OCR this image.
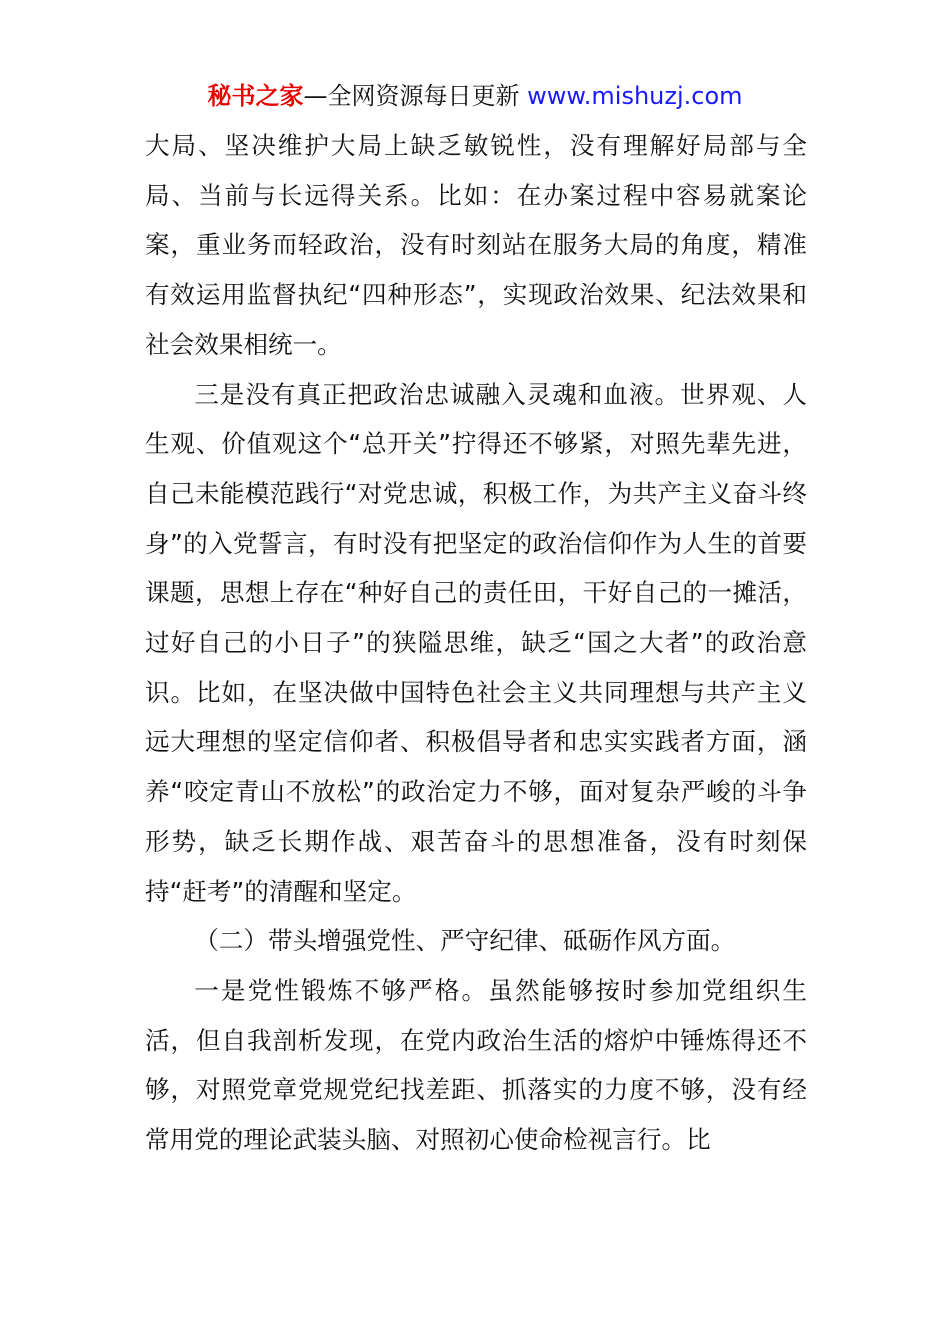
秘书之家—全网资源每日更新 www.mishuzj.com

大局、坚决维护大局上缺乏敏锐性，没有理解好局部与全局、当前与长远得关系。比如：在办案过程中容易就案论案，重业务而轻政治，没有时刻站在服务大局的角度，精准有效运用监督执纪“四种形态”，实现政治效果、纪法效果和社会效果相统一。

三是没有真正把政治忠诚融入灵魂和血液。世界观、人生观、价值观这个“总开关”拧得还不够紧，对照先辈先进，自己未能模范践行“对党忠诚，积极工作，为共产主义奋斗终身”的入党誓言，有时没有把坚定的政治信仰作为人生的首要课题，思想上存在“种好自己的责任田，干好自己的一摊活，过好自己的小日子”的狭隘思维，缺乏“国之大者”的政治意识。比如，在坚决做中国特色社会主义共同理想与共产主义远大理想的坚定信仰者、积极倡导者和忠实实践者方面，涵养“咬定青山不放松”的政治定力不够，面对复杂严峻的斗争形势，缺乏长期作战、艰苦奋斗的思想准备，没有时刻保持“赶考”的清醒和坚定。

（二）带头增强党性、严守纪律、砥砺作风方面。

一是党性锻炼不够严格。虽然能够按时参加党组织生活，但自我剖析发现，在党内政治生活的熔炉中锤炼得还不够，对照党章党规党纪找差距、抓落实的力度不够，没有经常用党的理论武装头脑、对照初心使命检视言行。比
